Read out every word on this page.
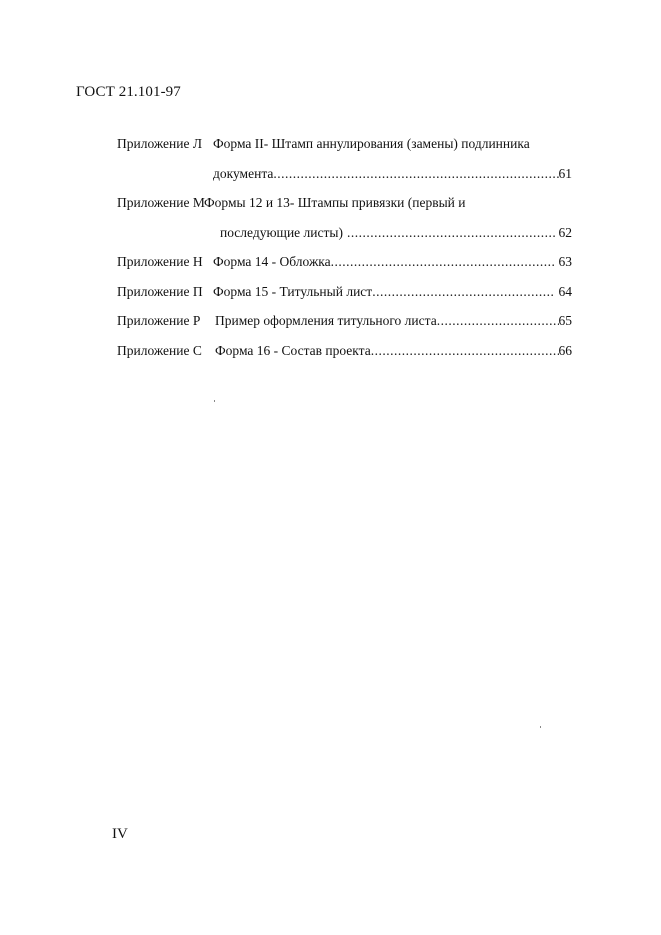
ГОСТ 21.101-97
Приложение Л Форма II- Штамп аннулирования (замены) подлинника
документа .....	61
Приложение М Формы 12 и 13- Штампы привязки (первый и
последующие листы) .....	62
Приложение Н Форма 14 - Обложка .....	63
Приложение П Форма 15 - Титульный лист .....	64
Приложение Р Пример оформления титульного листа .....	65
Приложение С Форма 16 - Состав проекта .....	66
IV
